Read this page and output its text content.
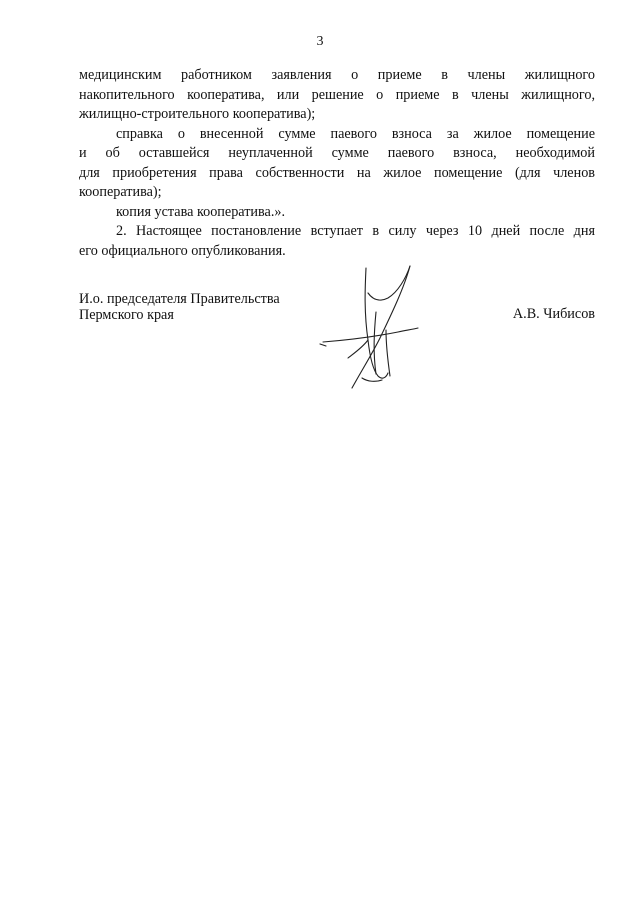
3
медицинским работником заявления о приеме в члены жилищного
накопительного кооператива, или решение о приеме в члены жилищного,
жилищно-строительного кооператива);
справка о внесенной сумме паевого взноса за жилое помещение
и об оставшейся неуплаченной сумме паевого взноса, необходимой
для приобретения права собственности на жилое помещение (для членов
кооператива);
копия устава кооператива.».
2. Настоящее постановление вступает в силу через 10 дней после дня
его официального опубликования.
И.о. председателя Правительства
Пермского края	А.В. Чибисов
